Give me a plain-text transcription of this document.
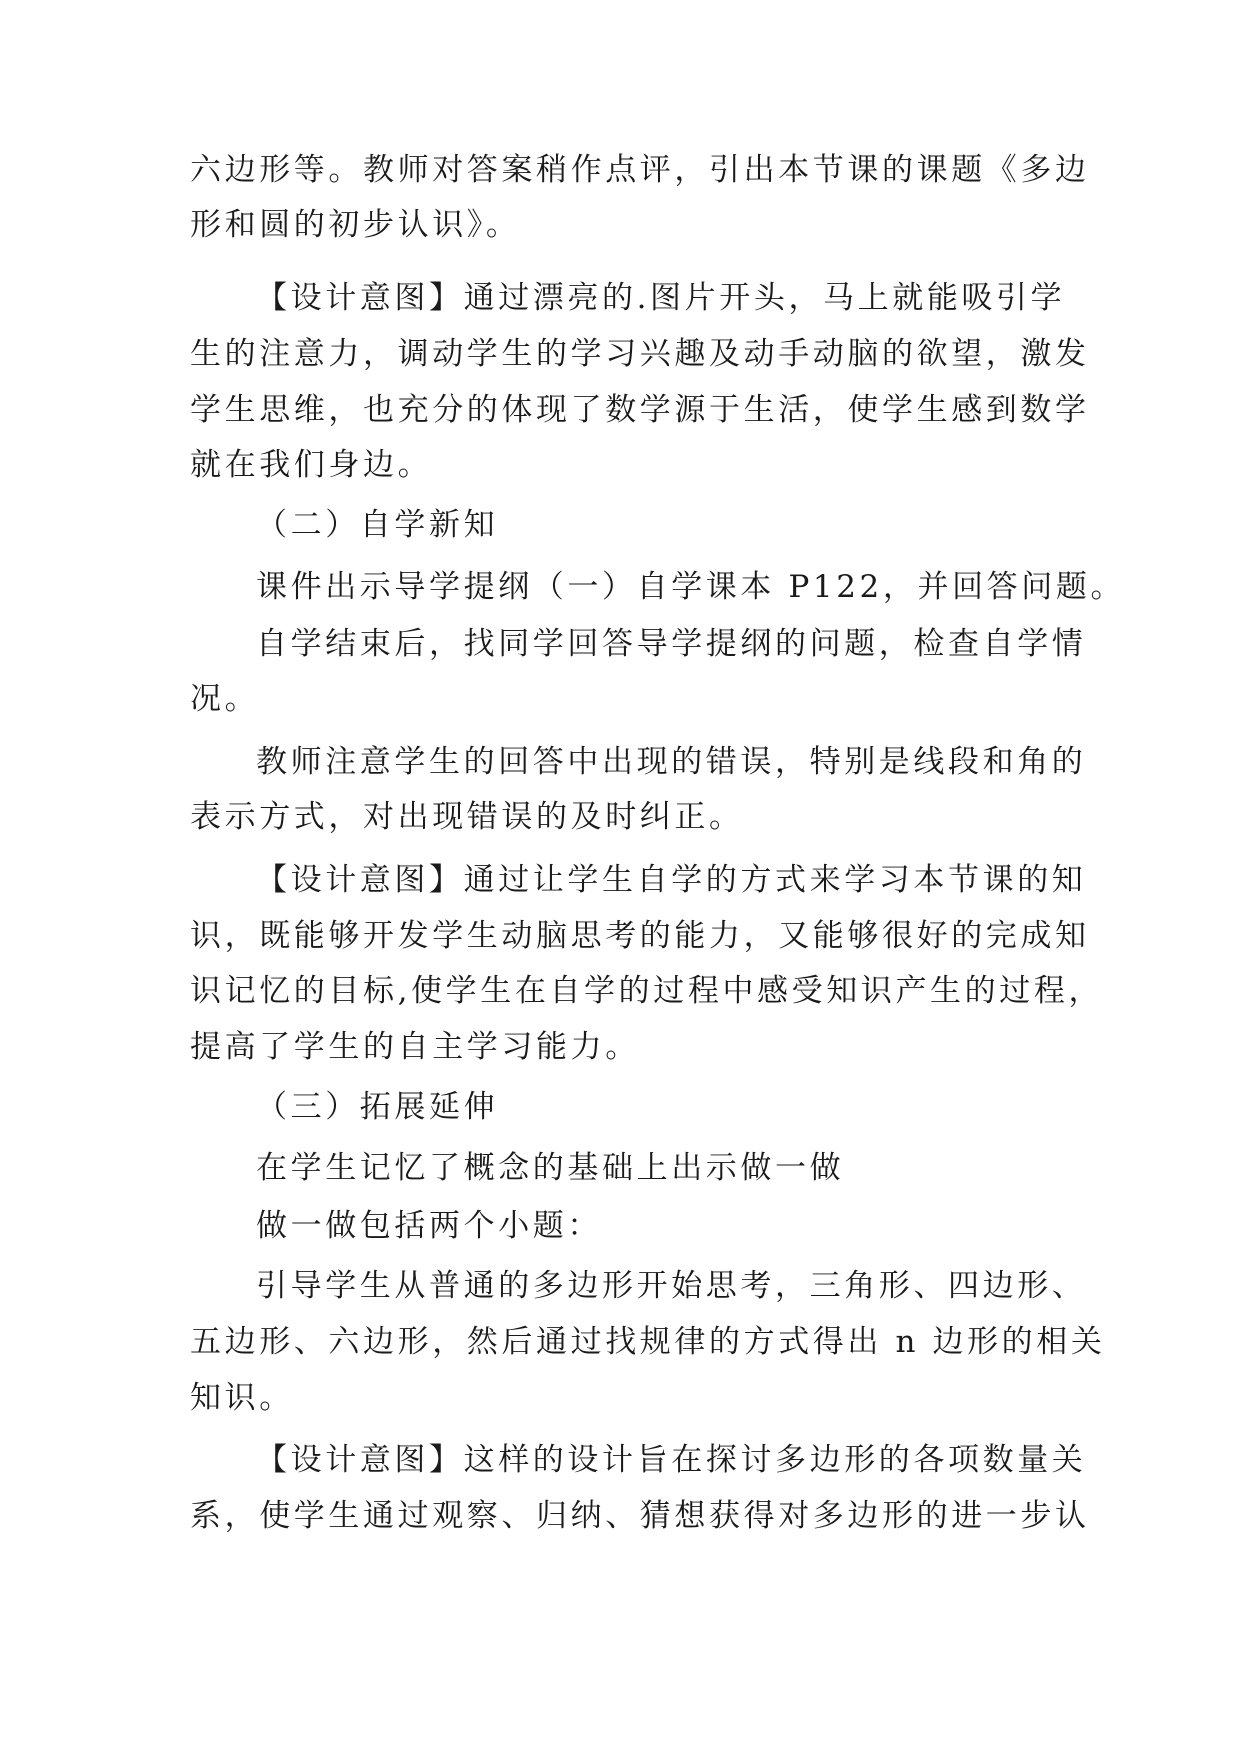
六边形等。教师对答案稍作点评，引出本节课的课题《多边
形和圆的初步认识》。
【设计意图】通过漂亮的.图片开头，马上就能吸引学
生的注意力，调动学生的学习兴趣及动手动脑的欲望，激发
学生思维，也充分的体现了数学源于生活，使学生感到数学
就在我们身边。
（二）自学新知
课件出示导学提纲（一）自学课本 P122，并回答问题。
自学结束后，找同学回答导学提纲的问题，检查自学情
况。
教师注意学生的回答中出现的错误，特别是线段和角的
表示方式，对出现错误的及时纠正。
【设计意图】通过让学生自学的方式来学习本节课的知
识，既能够开发学生动脑思考的能力，又能够很好的完成知
识记忆的目标,使学生在自学的过程中感受知识产生的过程，
提高了学生的自主学习能力。
（三）拓展延伸
在学生记忆了概念的基础上出示做一做
做一做包括两个小题：
引导学生从普通的多边形开始思考，三角形、四边形、
五边形、六边形，然后通过找规律的方式得出 n 边形的相关
知识。
【设计意图】这样的设计旨在探讨多边形的各项数量关
系，使学生通过观察、归纳、猜想获得对多边形的进一步认
